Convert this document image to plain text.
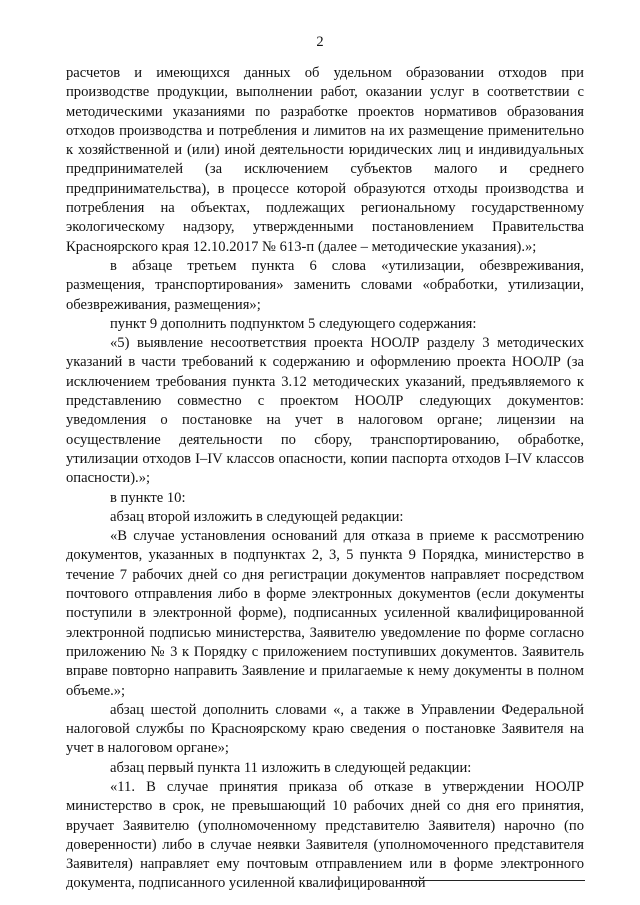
2

расчетов и имеющихся данных об удельном образовании отходов при производстве продукции, выполнении работ, оказании услуг в соответствии с методическими указаниями по разработке проектов нормативов образования отходов производства и потребления и лимитов на их размещение применительно к хозяйственной и (или) иной деятельности юридических лиц и индивидуальных предпринимателей (за исключением субъектов малого и среднего предпринимательства), в процессе которой образуются отходы производства и потребления на объектах, подлежащих региональному государственному экологическому надзору, утвержденными постановлением Правительства Красноярского края 12.10.2017 № 613-п (далее – методические указания).»;

в абзаце третьем пункта 6 слова «утилизации, обезвреживания, размещения, транспортирования» заменить словами «обработки, утилизации, обезвреживания, размещения»;

пункт 9 дополнить подпунктом 5 следующего содержания:

«5) выявление несоответствия проекта НООЛР разделу 3 методических указаний в части требований к содержанию и оформлению проекта НООЛР (за исключением требования пункта 3.12 методических указаний, предъявляемого к представлению совместно с проектом НООЛР следующих документов: уведомления о постановке на учет в налоговом органе; лицензии на осуществление деятельности по сбору, транспортированию, обработке, утилизации отходов I–IV классов опасности, копии паспорта отходов I–IV классов опасности).»;

в пункте 10:

абзац второй изложить в следующей редакции:

«В случае установления оснований для отказа в приеме к рассмотрению документов, указанных в подпунктах 2, 3, 5 пункта 9 Порядка, министерство в течение 7 рабочих дней со дня регистрации документов направляет посредством почтового отправления либо в форме электронных документов (если документы поступили в электронной форме), подписанных усиленной квалифицированной электронной подписью министерства, Заявителю уведомление по форме согласно приложению № 3 к Порядку с приложением поступивших документов. Заявитель вправе повторно направить Заявление и прилагаемые к нему документы в полном объеме.»;

абзац шестой дополнить словами «, а также в Управлении Федеральной налоговой службы по Красноярскому краю сведения о постановке Заявителя на учет в налоговом органе»;

абзац первый пункта 11 изложить в следующей редакции:

«11. В случае принятия приказа об отказе в утверждении НООЛР министерство в срок, не превышающий 10 рабочих дней со дня его принятия, вручает Заявителю (уполномоченному представителю Заявителя) нарочно (по доверенности) либо в случае неявки Заявителя (уполномоченного представителя Заявителя) направляет ему почтовым отправлением или в форме электронного документа, подписанного усиленной квалифицированной
